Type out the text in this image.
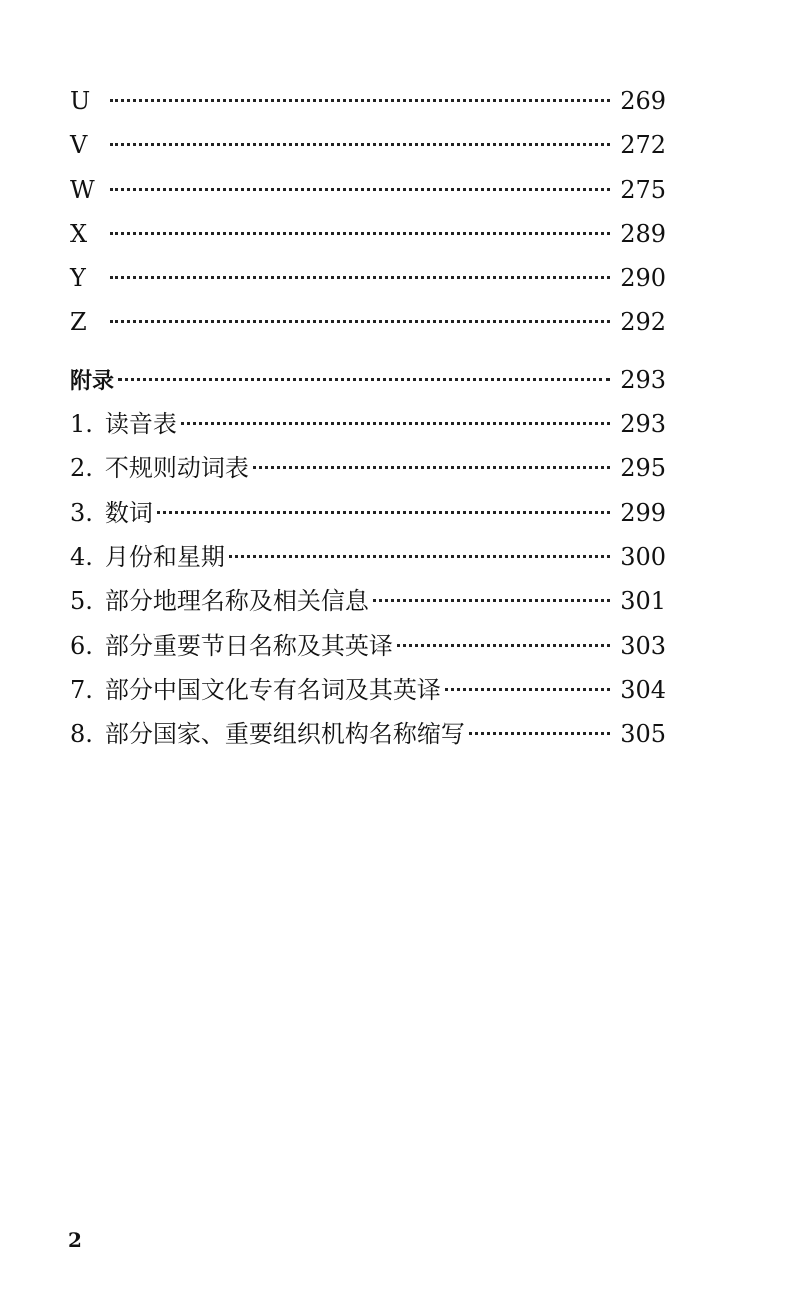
U	269
V	272
W	275
X	289
Y	290
Z	292
附录	293
1. 读音表	293
2. 不规则动词表	295
3. 数词	299
4. 月份和星期	300
5. 部分地理名称及相关信息	301
6. 部分重要节日名称及其英译	303
7. 部分中国文化专有名词及其英译	304
8. 部分国家、重要组织机构名称缩写	305
2
